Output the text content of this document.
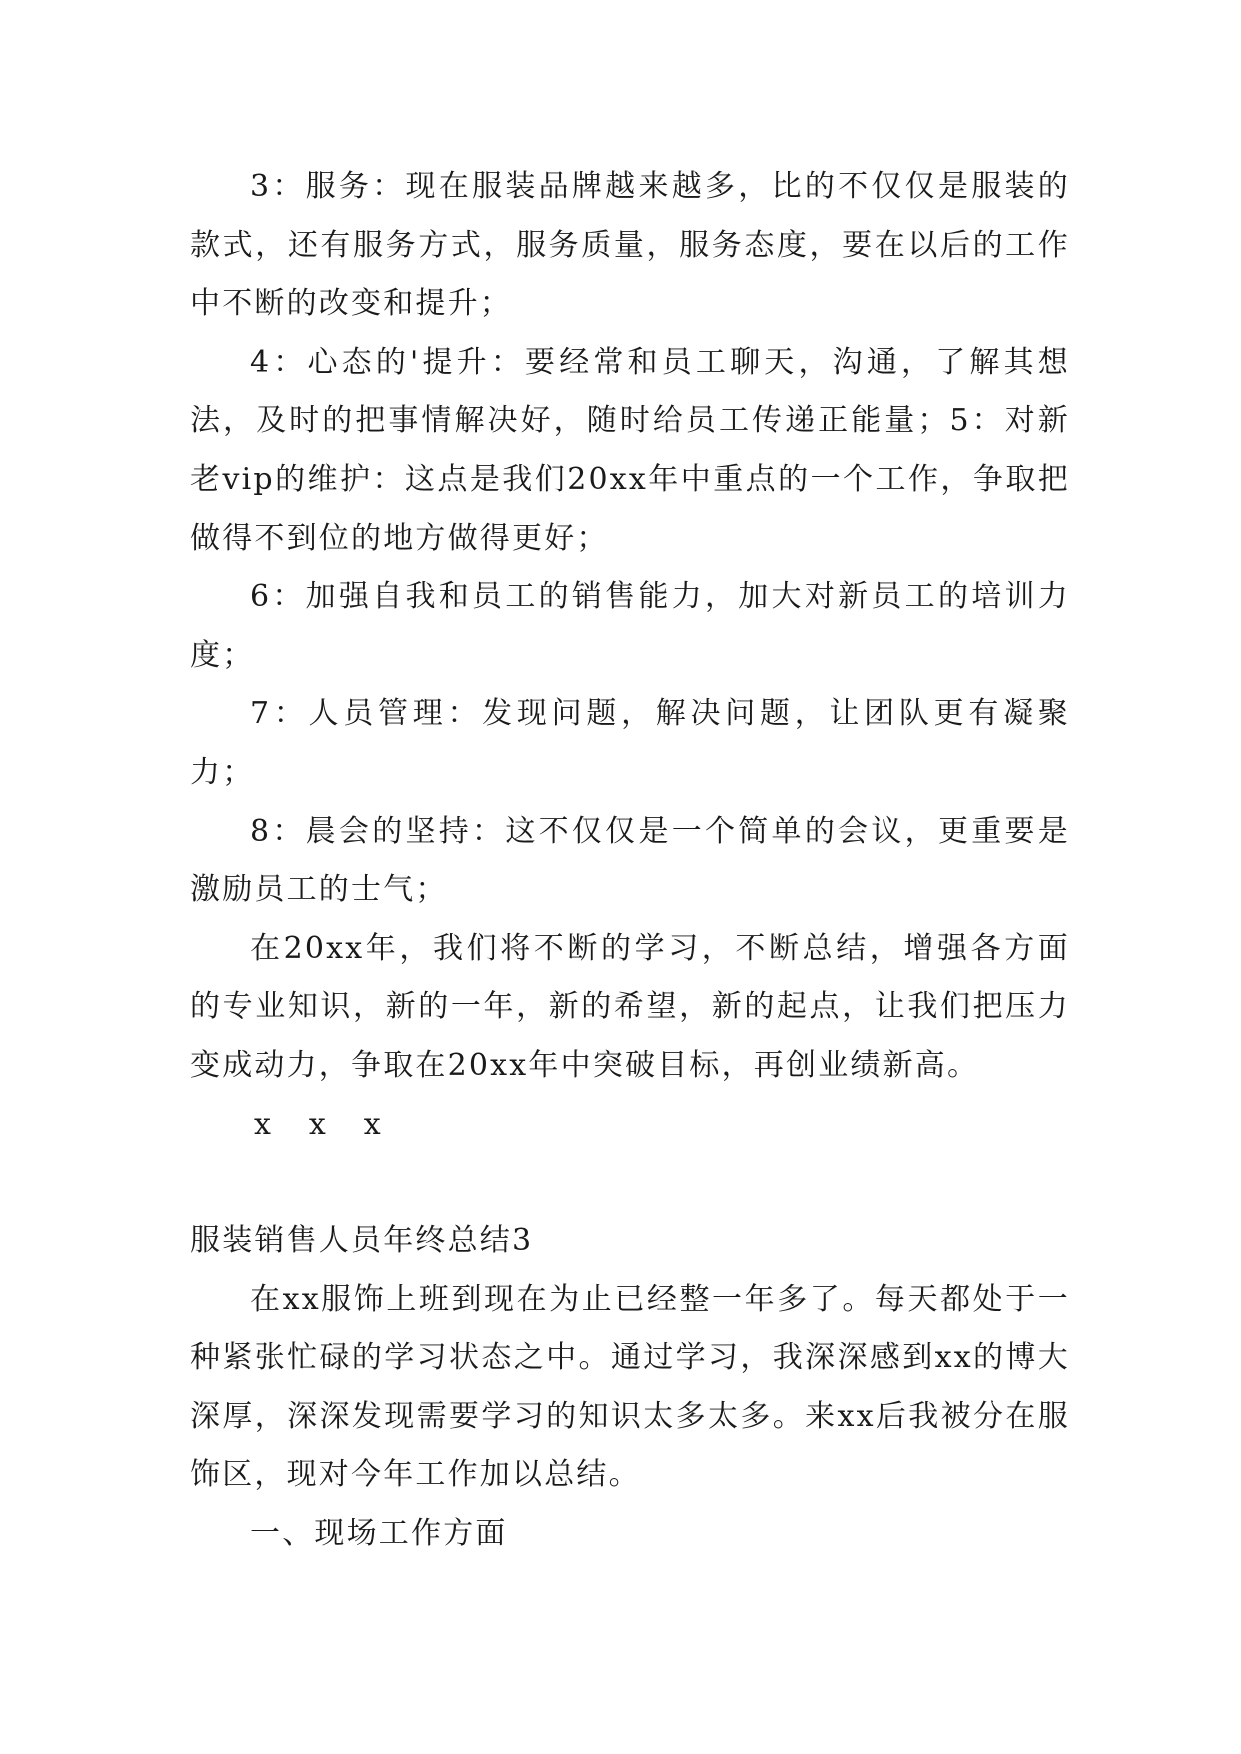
3：服务：现在服装品牌越来越多，比的不仅仅是服装的款式，还有服务方式，服务质量，服务态度，要在以后的工作中不断的改变和提升；

4：心态的'提升：要经常和员工聊天，沟通，了解其想法，及时的把事情解决好，随时给员工传递正能量；5：对新老vip的维护：这点是我们20xx年中重点的一个工作，争取把做得不到位的地方做得更好；

6：加强自我和员工的销售能力，加大对新员工的培训力度；

7：人员管理：发现问题，解决问题，让团队更有凝聚力；

8：晨会的坚持：这不仅仅是一个简单的会议，更重要是激励员工的士气；

在20xx年，我们将不断的学习，不断总结，增强各方面的专业知识，新的一年，新的希望，新的起点，让我们把压力变成动力，争取在20xx年中突破目标，再创业绩新高。

x x x

服装销售人员年终总结3

在xx服饰上班到现在为止已经整一年多了。每天都处于一种紧张忙碌的学习状态之中。通过学习，我深深感到xx的博大深厚，深深发现需要学习的知识太多太多。来xx后我被分在服饰区，现对今年工作加以总结。

一、现场工作方面
